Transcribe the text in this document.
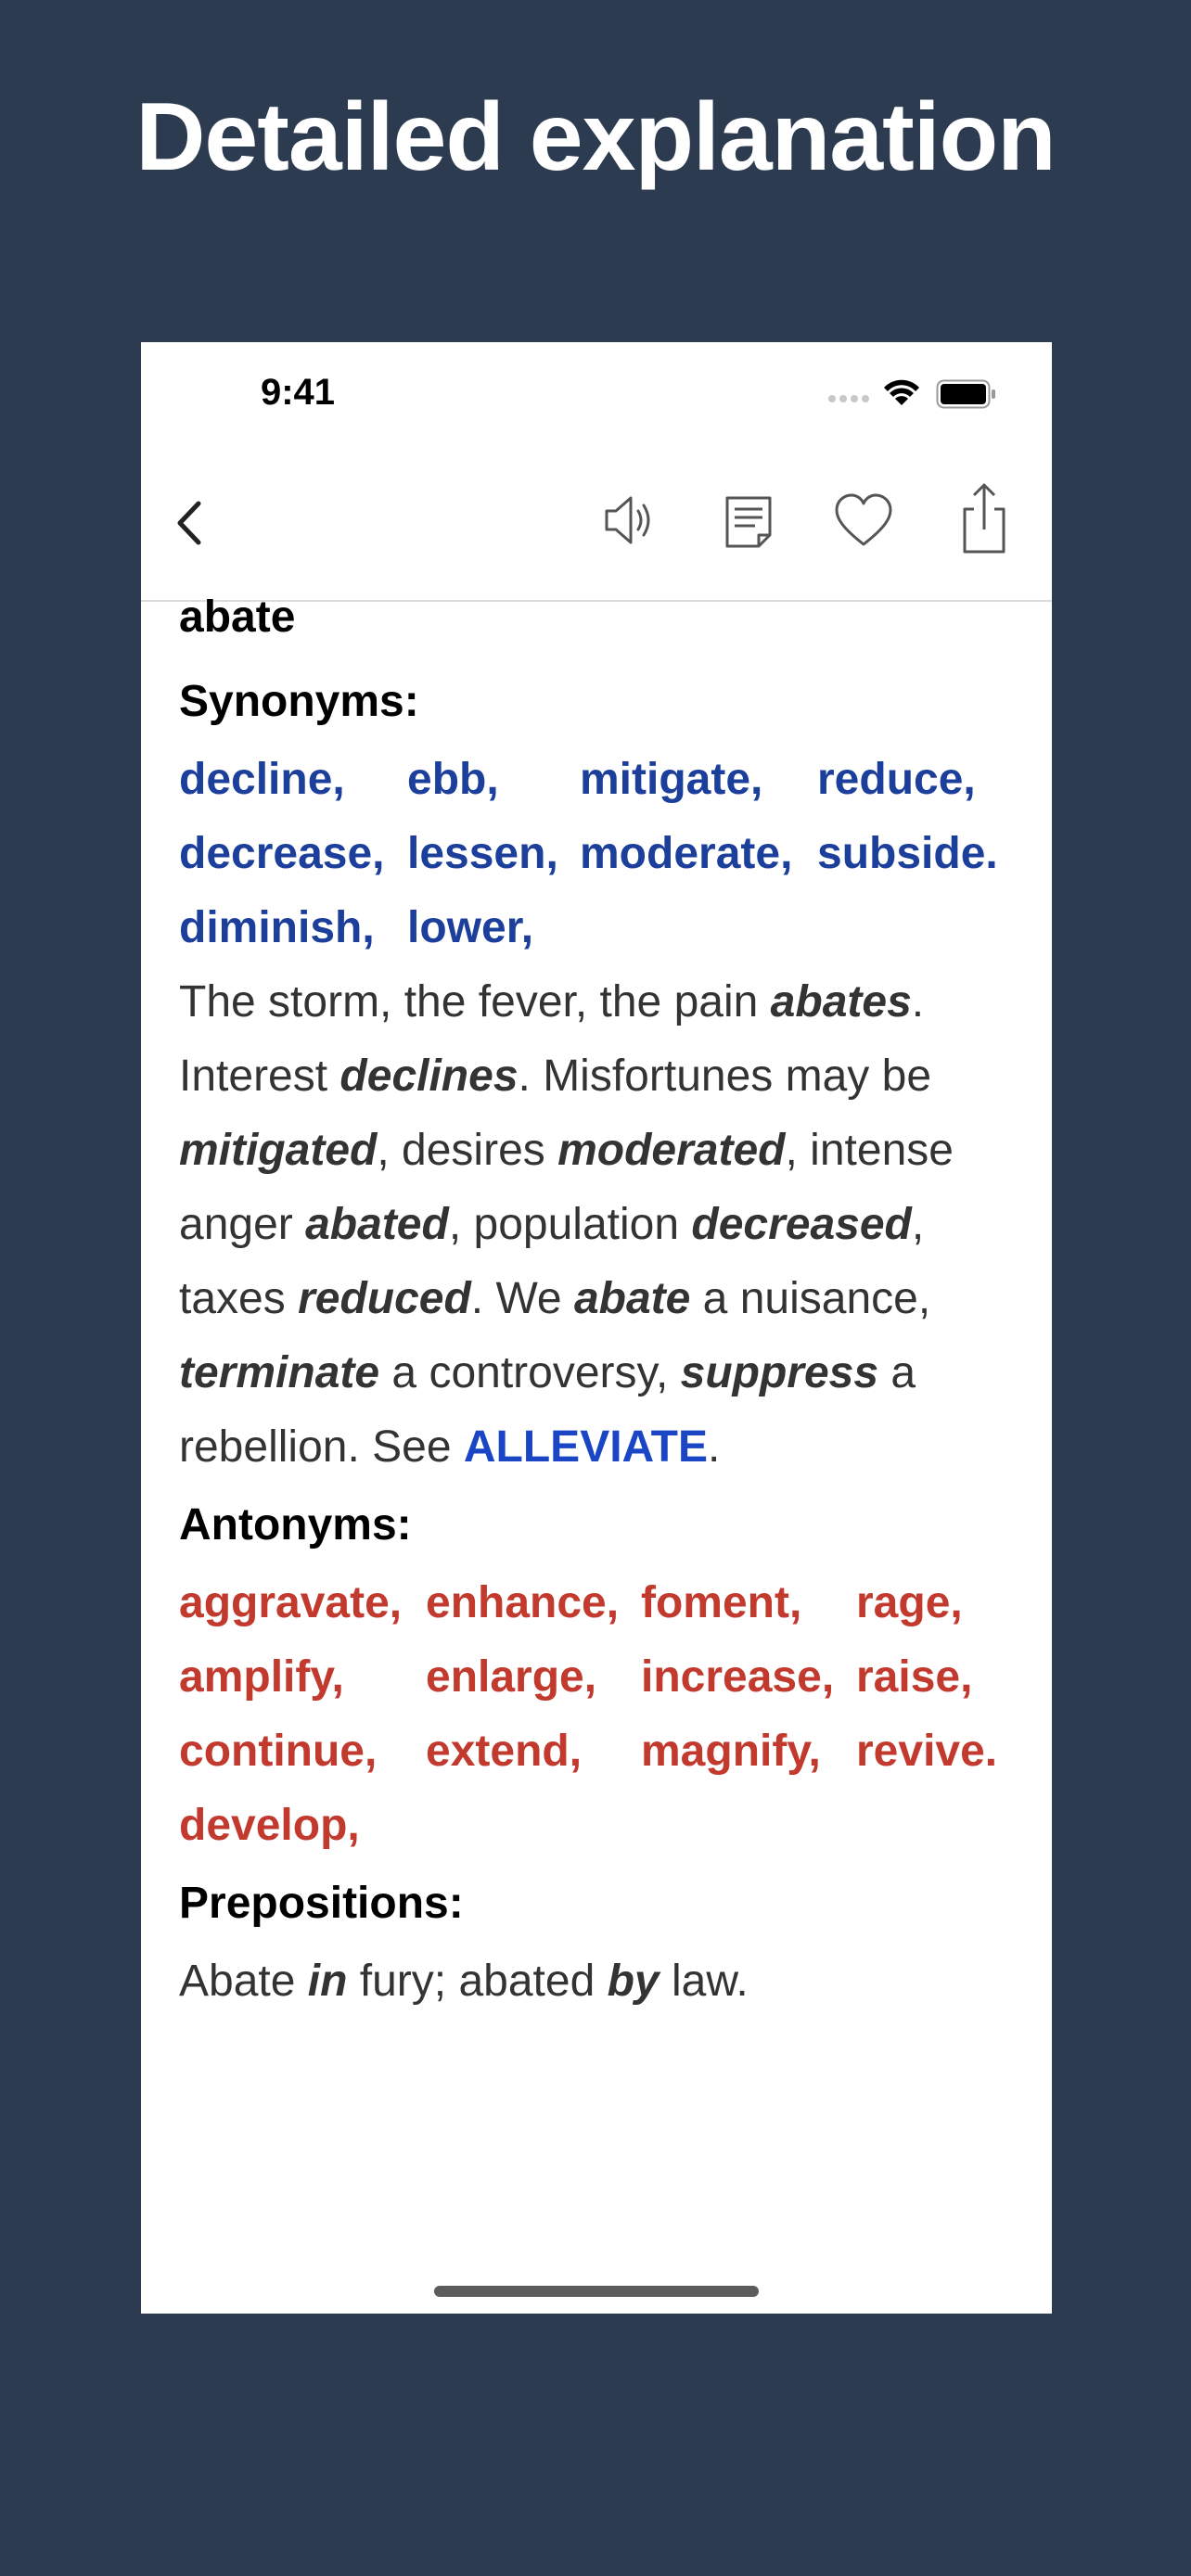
Detailed explanation
9:41
abate
Synonyms:
decline,	ebb,	mitigate,	reduce,
decrease, lessen, moderate, subside.
diminish, lower,

The storm, the fever, the pain abates. Interest declines. Misfortunes may be mitigated, desires moderated, intense anger abated, population decreased, taxes reduced. We abate a nuisance, terminate a controversy, suppress a rebellion. See ALLEVIATE.

Antonyms:
aggravate, enhance, foment,	rage,
amplify,	enlarge, increase, raise,
continue,	extend,	magnify, revive.
develop,
Prepositions:

Abate in fury; abated by law.
